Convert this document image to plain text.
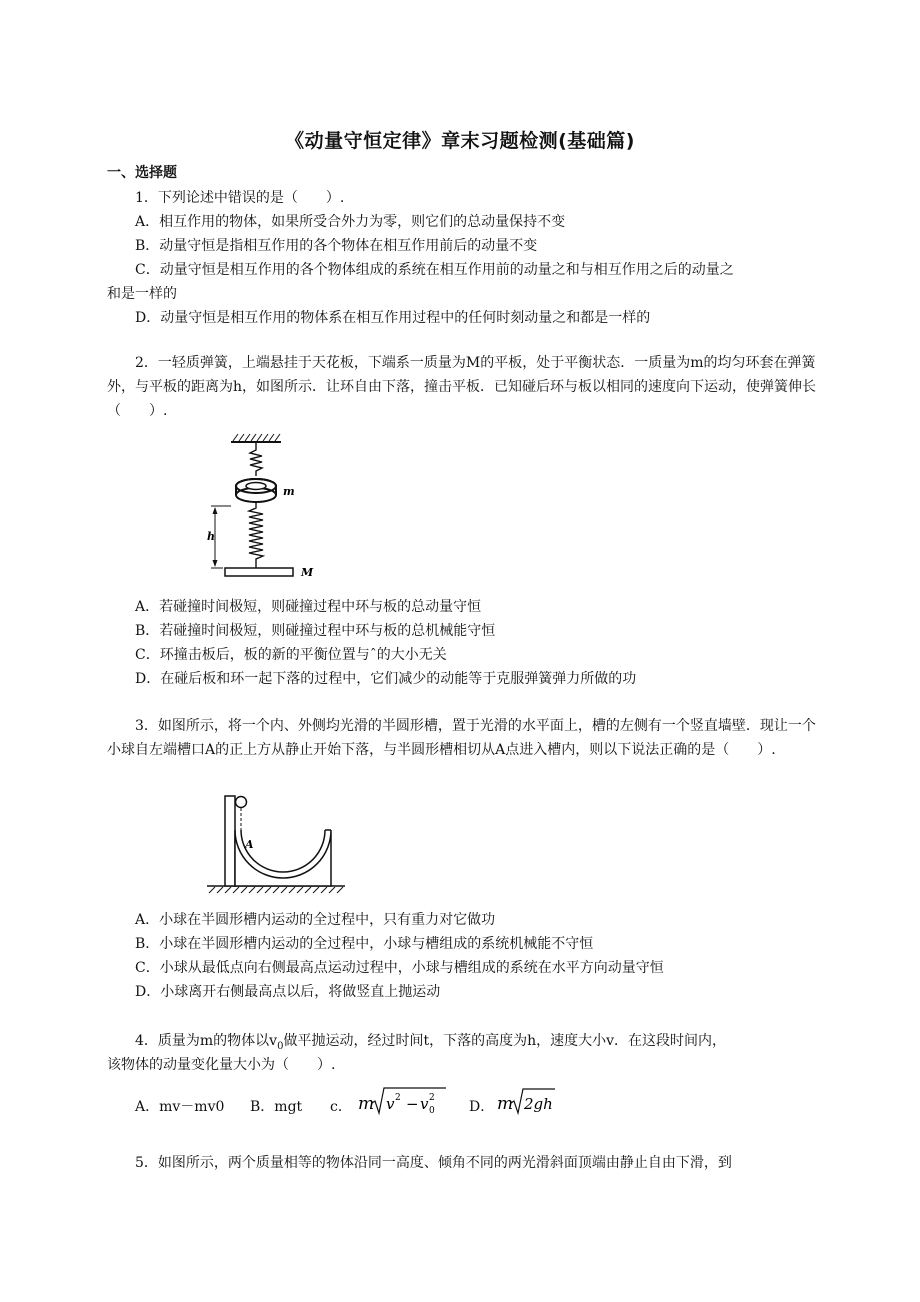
《动量守恒定律》章末习题检测(基础篇)
一、选择题
1．下列论述中错误的是（　　）.
A．相互作用的物体，如果所受合外力为零，则它们的总动量保持不变
B．动量守恒是指相互作用的各个物体在相互作用前后的动量不变
C．动量守恒是相互作用的各个物体组成的系统在相互作用前的动量之和与相互作用之后的动量之
和是一样的
D．动量守恒是相互作用的物体系在相互作用过程中的任何时刻动量之和都是一样的
2．一轻质弹簧，上端悬挂于天花板，下端系一质量为M的平板，处于平衡状态．一质量为m的均匀环套在弹簧外，与平板的距离为h，如图所示．让环自由下落，撞击平板．已知碰后环与板以相同的速度向下运动，使弹簧伸长（　　）.
m
h
M
A．若碰撞时间极短，则碰撞过程中环与板的总动量守恒
B．若碰撞时间极短，则碰撞过程中环与板的总机械能守恒
C．环撞击板后，板的新的平衡位置与ˆ的大小无关
D．在碰后板和环一起下落的过程中，它们减少的动能等于克服弹簧弹力所做的功
3．如图所示，将一个内、外侧均光滑的半圆形槽，置于光滑的水平面上，槽的左侧有一个竖直墙壁．现让一个小球自左端槽口A的正上方从静止开始下落，与半圆形槽相切从A点进入槽内，则以下说法正确的是（　　）.
A
A．小球在半圆形槽内运动的全过程中，只有重力对它做功
B．小球在半圆形槽内运动的全过程中，小球与槽组成的系统机械能不守恒
C．小球从最低点向右侧最高点运动过程中，小球与槽组成的系统在水平方向动量守恒
D．小球离开右侧最高点以后，将做竖直上抛运动
4．质量为m的物体以$v_0$做平抛运动，经过时间t，下落的高度为h，速度大小v．在这段时间内，
该物体的动量变化量大小为（　　）.
A．mv－mv0 B．mgt c． m v 2 − v 2
0 D． m 2gh
5．如图所示，两个质量相等的物体沿同一高度、倾角不同的两光滑斜面顶端由静止自由下滑，到
